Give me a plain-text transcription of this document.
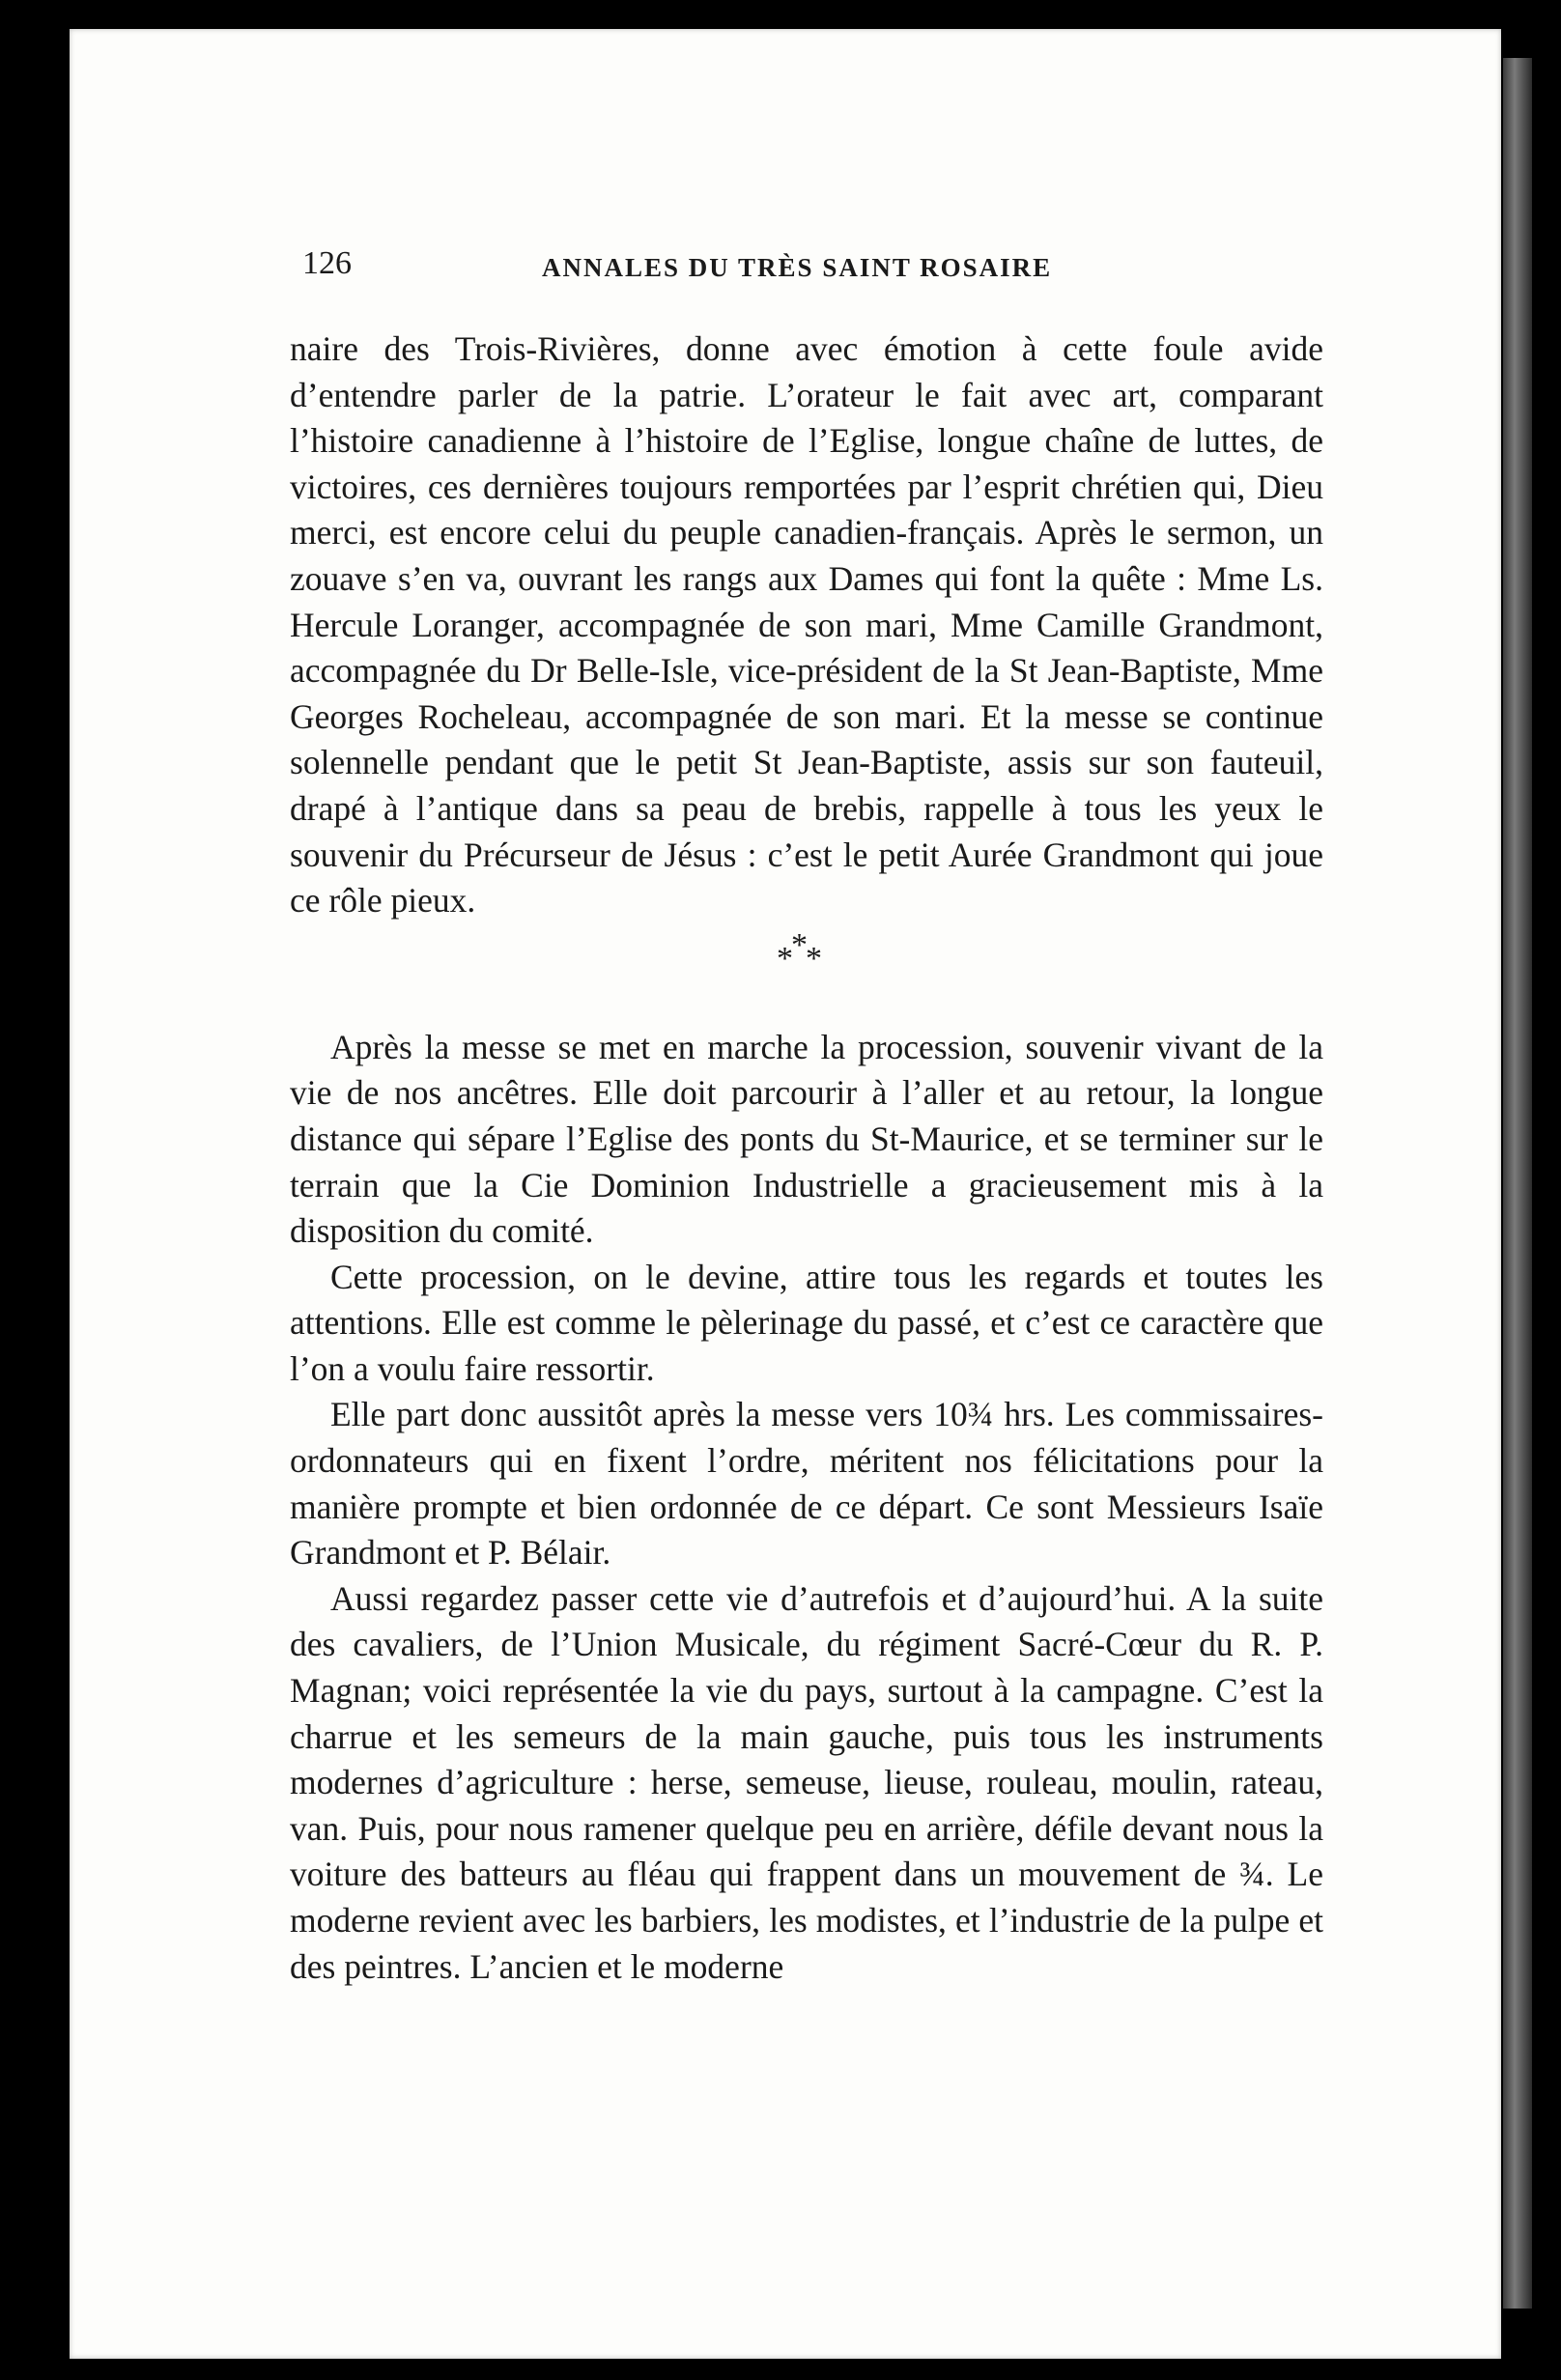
126	ANNALES DU TRÈS SAINT ROSAIRE

naire des Trois-Rivières, donne avec émotion à cette foule avide d’entendre parler de la patrie. L’orateur le fait avec art, comparant l’histoire canadienne à l’histoire de l’Eglise, longue chaîne de luttes, de victoires, ces dernières toujours remportées par l’esprit chrétien qui, Dieu merci, est encore celui du peuple canadien-français. Après le sermon, un zouave s’en va, ouvrant les rangs aux Dames qui font la quête : Mme Ls. Hercule Loranger, accompagnée de son mari, Mme Camille Grandmont, accompagnée du Dr Belle-Isle, vice-président de la St Jean-Baptiste, Mme Georges Rocheleau, accompagnée de son mari. Et la messe se continue solennelle pendant que le petit St Jean-Baptiste, assis sur son fauteuil, drapé à l’antique dans sa peau de brebis, rappelle à tous les yeux le souvenir du Précurseur de Jésus : c’est le petit Aurée Grandmont qui joue ce rôle pieux.

***

Après la messe se met en marche la procession, souvenir vivant de la vie de nos ancêtres. Elle doit parcourir à l’aller et au retour, la longue distance qui sépare l’Eglise des ponts du St-Maurice, et se terminer sur le terrain que la Cie Dominion Industrielle a gracieusement mis à la disposition du comité.

Cette procession, on le devine, attire tous les regards et toutes les attentions. Elle est comme le pèlerinage du passé, et c’est ce caractère que l’on a voulu faire ressortir.

Elle part donc aussitôt après la messe vers 10¾ hrs. Les commissaires-ordonnateurs qui en fixent l’ordre, méritent nos félicitations pour la manière prompte et bien ordonnée de ce départ. Ce sont Messieurs Isaïe Grandmont et P. Bélair.

Aussi regardez passer cette vie d’autrefois et d’aujourd’hui. A la suite des cavaliers, de l’Union Musicale, du régiment Sacré-Cœur du R. P. Magnan; voici représentée la vie du pays, surtout à la campagne. C’est la charrue et les semeurs de la main gauche, puis tous les instruments modernes d’agriculture : herse, semeuse, lieuse, rouleau, moulin, rateau, van. Puis, pour nous ramener quelque peu en arrière, défile devant nous la voiture des batteurs au fléau qui frappent dans un mouvement de ¾. Le moderne revient avec les barbiers, les modistes, et l’industrie de la pulpe et des peintres. L’ancien et le moderne
